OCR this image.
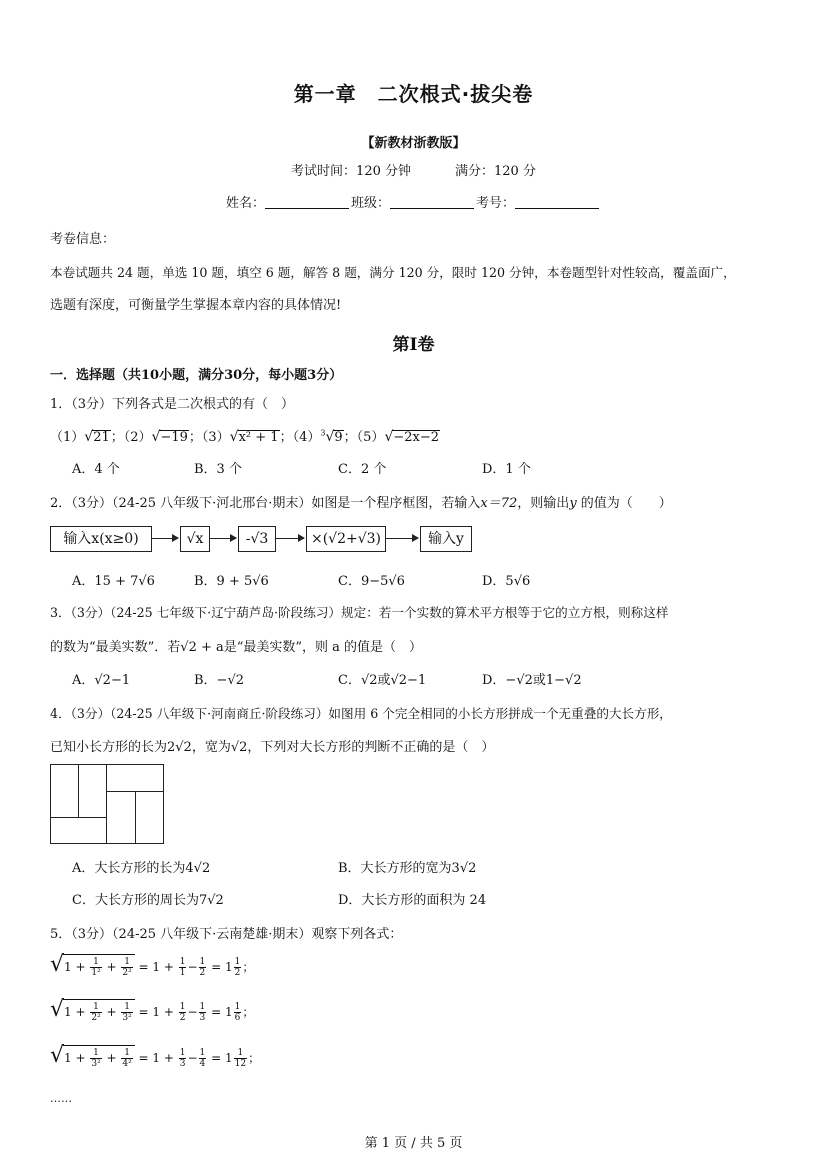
第一章　二次根式·拔尖卷
【新教材浙教版】
考试时间：120 分钟	满分：120 分
姓名：	班级：	考号：
考卷信息：
本卷试题共 24 题，单选 10 题，填空 6 题，解答 8 题，满分 120 分，限时 120 分钟，本卷题型针对性较高，覆盖面广，
选题有深度，可衡量学生掌握本章内容的具体情况!
第Ⅰ卷
一．选择题（共10小题，满分30分，每小题3分）
1．（3分）下列各式是二次根式的有（　）
（1）√21；（2）√−19；（3）√x² + 1；$(4)^3√9$；（5）√−2x−2
A．4 个	B．3 个	C．2 个	D．1 个
2．（3分）（24-25 八年级下·河北邢台·期末）如图是一个程序框图，若输入x＝72，则输出y 的值为（　　）
输入x(x≥0)	√x	-√3	×(√2+√3)	输入y
A．15 + 7√6	B．9 + 5√6	C．9−5√6	D．5√6
3．（3分）（24-25 七年级下·辽宁葫芦岛·阶段练习）规定：若一个实数的算术平方根等于它的立方根，则称这样
的数为“最美实数”．若√2 + a是“最美实数”，则 a 的值是（　）
A．√2−1	B．−√2	C．√2或√2−1	D．−√2或1−√2
4．（3分）（24-25 八年级下·河南商丘·阶段练习）如图用 6 个完全相同的小长方形拼成一个无重叠的大长方形，
已知小长方形的长为2√2，宽为√2，下列对大长方形的判断不正确的是（　）
A．大长方形的长为4√2	B．大长方形的宽为3√2
C．大长方形的周长为7√2	D．大长方形的面积为 24
5．（3分）（24-25 八年级下·云南楚雄·期末）观察下列各式：
$√1 + \frac{1}{\text{1²}} + \frac{1}{\text{2²}} = 1 + \frac{1}{1} - \frac{1}{2} = 1 \frac{1}{2}$ ；
$√1 + \frac{1}{\text{2²}} + \frac{1}{\text{3²}} = 1 + \frac{1}{2} - \frac{1}{3} = 1 \frac{1}{6}$ ；
$√1 + \frac{1}{\text{3²}} + \frac{1}{\text{4²}} = 1 + \frac{1}{3} - \frac{1}{4} = 1 \frac{1}{12}$ ；
……
第 1 页 / 共 5 页
